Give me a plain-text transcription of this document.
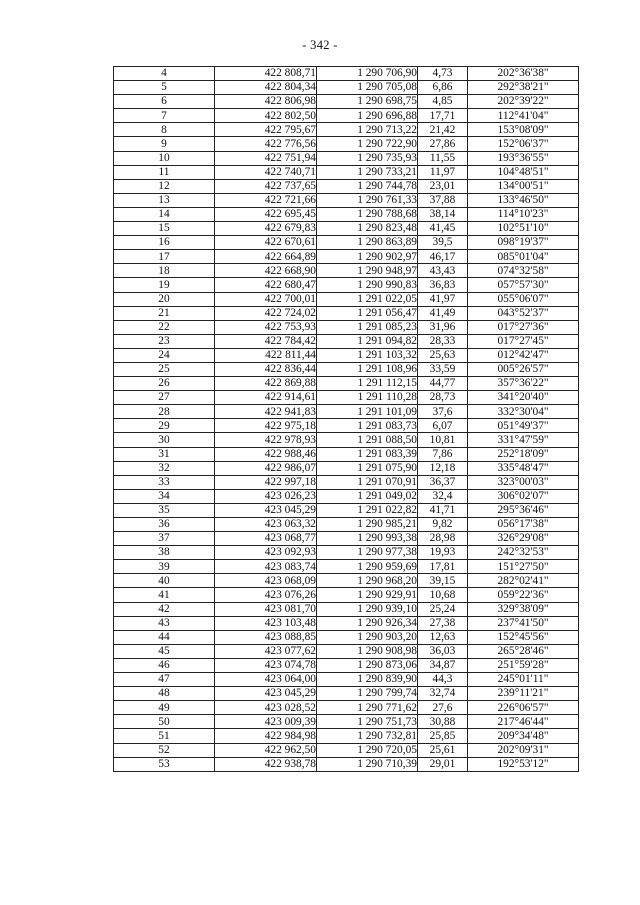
- 342 -
4	422 808,71	1 290 706,90	4,73	202°36'38"
5	422 804,34	1 290 705,08	6,86	292°38'21"
6	422 806,98	1 290 698,75	4,85	202°39'22"
7	422 802,50	1 290 696,88	17,71	112°41'04"
8	422 795,67	1 290 713,22	21,42	153°08'09"
9	422 776,56	1 290 722,90	27,86	152°06'37"
10	422 751,94	1 290 735,93	11,55	193°36'55"
11	422 740,71	1 290 733,21	11,97	104°48'51"
12	422 737,65	1 290 744,78	23,01	134°00'51"
13	422 721,66	1 290 761,33	37,88	133°46'50"
14	422 695,45	1 290 788,68	38,14	114°10'23"
15	422 679,83	1 290 823,48	41,45	102°51'10"
16	422 670,61	1 290 863,89	39,5	098°19'37"
17	422 664,89	1 290 902,97	46,17	085°01'04"
18	422 668,90	1 290 948,97	43,43	074°32'58"
19	422 680,47	1 290 990,83	36,83	057°57'30"
20	422 700,01	1 291 022,05	41,97	055°06'07"
21	422 724,02	1 291 056,47	41,49	043°52'37"
22	422 753,93	1 291 085,23	31,96	017°27'36"
23	422 784,42	1 291 094,82	28,33	017°27'45"
24	422 811,44	1 291 103,32	25,63	012°42'47"
25	422 836,44	1 291 108,96	33,59	005°26'57"
26	422 869,88	1 291 112,15	44,77	357°36'22"
27	422 914,61	1 291 110,28	28,73	341°20'40"
28	422 941,83	1 291 101,09	37,6	332°30'04"
29	422 975,18	1 291 083,73	6,07	051°49'37"
30	422 978,93	1 291 088,50	10,81	331°47'59"
31	422 988,46	1 291 083,39	7,86	252°18'09"
32	422 986,07	1 291 075,90	12,18	335°48'47"
33	422 997,18	1 291 070,91	36,37	323°00'03"
34	423 026,23	1 291 049,02	32,4	306°02'07"
35	423 045,29	1 291 022,82	41,71	295°36'46"
36	423 063,32	1 290 985,21	9,82	056°17'38"
37	423 068,77	1 290 993,38	28,98	326°29'08"
38	423 092,93	1 290 977,38	19,93	242°32'53"
39	423 083,74	1 290 959,69	17,81	151°27'50"
40	423 068,09	1 290 968,20	39,15	282°02'41"
41	423 076,26	1 290 929,91	10,68	059°22'36"
42	423 081,70	1 290 939,10	25,24	329°38'09"
43	423 103,48	1 290 926,34	27,38	237°41'50"
44	423 088,85	1 290 903,20	12,63	152°45'56"
45	423 077,62	1 290 908,98	36,03	265°28'46"
46	423 074,78	1 290 873,06	34,87	251°59'28"
47	423 064,00	1 290 839,90	44,3	245°01'11"
48	423 045,29	1 290 799,74	32,74	239°11'21"
49	423 028,52	1 290 771,62	27,6	226°06'57"
50	423 009,39	1 290 751,73	30,88	217°46'44"
51	422 984,98	1 290 732,81	25,85	209°34'48"
52	422 962,50	1 290 720,05	25,61	202°09'31"
53	422 938,78	1 290 710,39	29,01	192°53'12"
